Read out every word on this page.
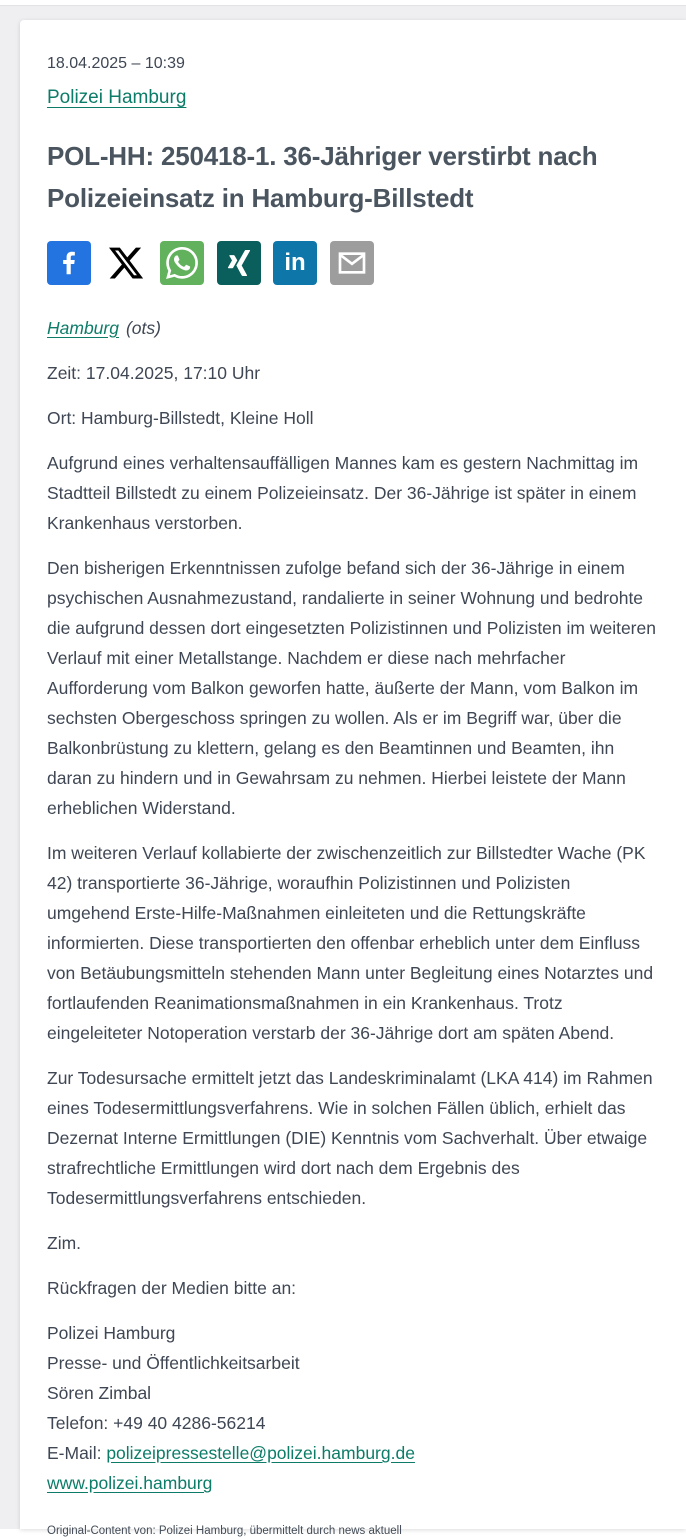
18.04.2025 – 10:39

Polizei Hamburg
POL-HH: 250418-1. 36-Jähriger verstirbt nach Polizeieinsatz in Hamburg-Billstedt
in

Hamburg (ots)

Zeit: 17.04.2025, 17:10 Uhr

Ort: Hamburg-Billstedt, Kleine Holl

Aufgrund eines verhaltensauffälligen Mannes kam es gestern Nachmittag im Stadtteil Billstedt zu einem Polizeieinsatz. Der 36-Jährige ist später in einem Krankenhaus verstorben.

Den bisherigen Erkenntnissen zufolge befand sich der 36-Jährige in einem psychischen Ausnahmezustand, randalierte in seiner Wohnung und bedrohte die aufgrund dessen dort eingesetzten Polizistinnen und Polizisten im weiteren Verlauf mit einer Metallstange. Nachdem er diese nach mehrfacher Aufforderung vom Balkon geworfen hatte, äußerte der Mann, vom Balkon im sechsten Obergeschoss springen zu wollen. Als er im Begriff war, über die Balkonbrüstung zu klettern, gelang es den Beamtinnen und Beamten, ihn daran zu hindern und in Gewahrsam zu nehmen. Hierbei leistete der Mann erheblichen Widerstand.

Im weiteren Verlauf kollabierte der zwischenzeitlich zur Billstedter Wache (PK 42) transportierte 36-Jährige, woraufhin Polizistinnen und Polizisten umgehend Erste-Hilfe-Maßnahmen einleiteten und die Rettungskräfte informierten. Diese transportierten den offenbar erheblich unter dem Einfluss von Betäubungsmitteln stehenden Mann unter Begleitung eines Notarztes und fortlaufenden Reanimationsmaßnahmen in ein Krankenhaus. Trotz eingeleiteter Notoperation verstarb der 36-Jährige dort am späten Abend.

Zur Todesursache ermittelt jetzt das Landeskriminalamt (LKA 414) im Rahmen eines Todesermittlungsverfahrens. Wie in solchen Fällen üblich, erhielt das Dezernat Interne Ermittlungen (DIE) Kenntnis vom Sachverhalt. Über etwaige strafrechtliche Ermittlungen wird dort nach dem Ergebnis des Todesermittlungsverfahrens entschieden.

Zim.

Rückfragen der Medien bitte an:

Polizei Hamburg
Presse- und Öffentlichkeitsarbeit
Sören Zimbal
Telefon: +49 40 4286-56214
E-Mail: polizeipressestelle@polizei.hamburg.de
www.polizei.hamburg

Original-Content von: Polizei Hamburg, übermittelt durch news aktuell
